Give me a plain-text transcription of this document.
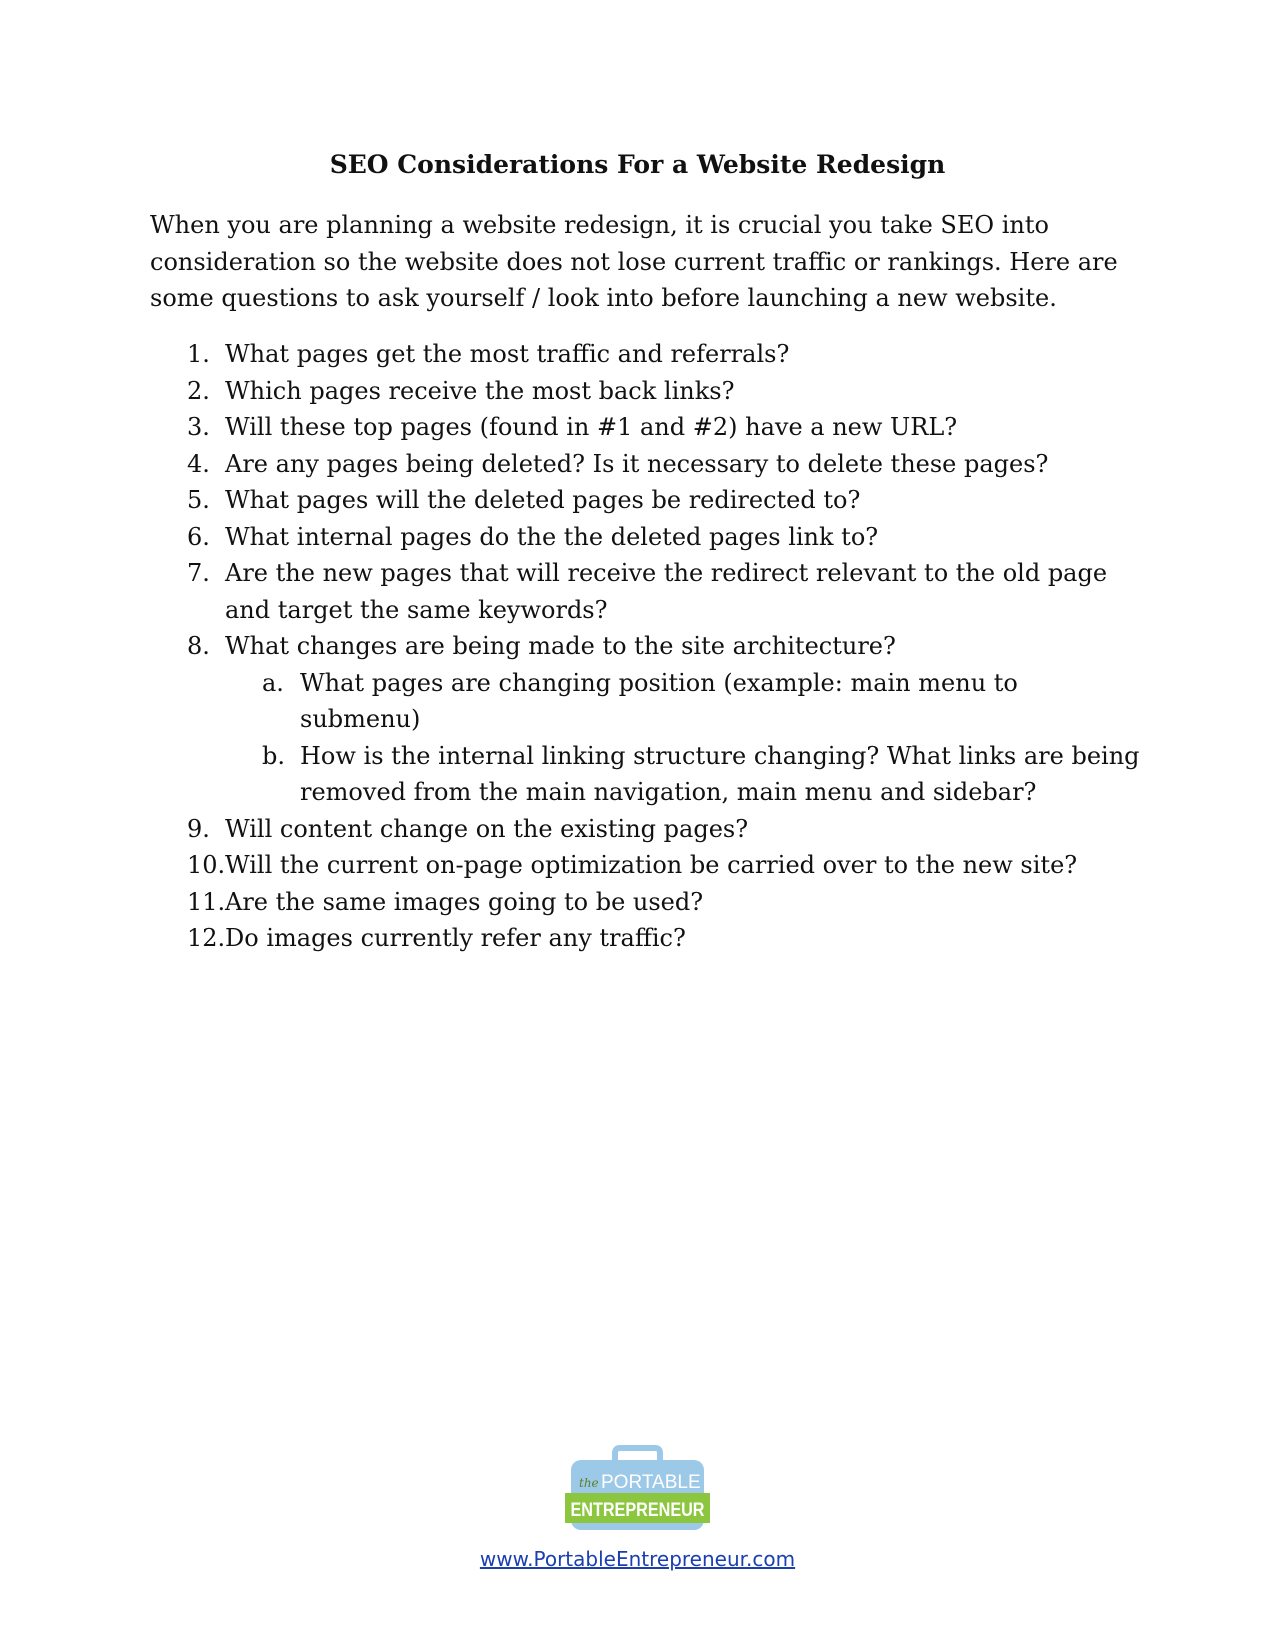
SEO Considerations For a Website Redesign

When you are planning a website redesign, it is crucial you take SEO into consideration so the website does not lose current traffic or rankings. Here are some questions to ask yourself / look into before launching a new website.

1. What pages get the most traffic and referrals?
2. Which pages receive the most back links?
3. Will these top pages (found in #1 and #2) have a new URL?
4. Are any pages being deleted? Is it necessary to delete these pages?
5. What pages will the deleted pages be redirected to?
6. What internal pages do the the deleted pages link to?
7. Are the new pages that will receive the redirect relevant to the old page and target the same keywords?
8. What changes are being made to the site architecture?
a. What pages are changing position (example: main menu to submenu)
b. How is the internal linking structure changing? What links are being removed from the main navigation, main menu and sidebar?
9. Will content change on the existing pages?
10. Will the current on-page optimization be carried over to the new site?
11. Are the same images going to be used?
12. Do images currently refer any traffic?
the PORTABLE
ENTREPRENEUR
www.PortableEntrepreneur.com
